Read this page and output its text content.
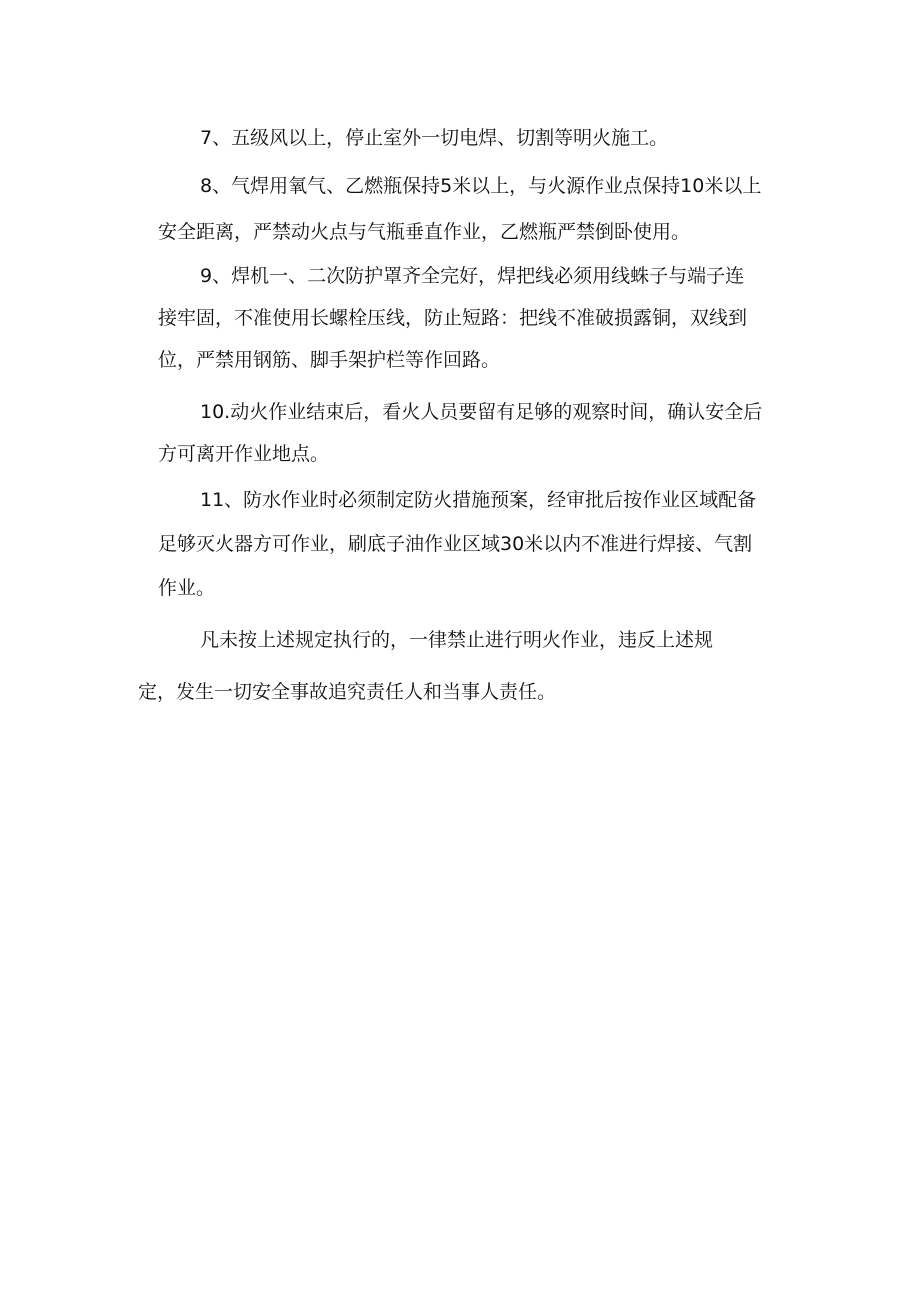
7、五级风以上，停止室外一切电焊、切割等明火施工。
8、气焊用氧气、乙燃瓶保持5米以上，与火源作业点保持10米以上
安全距离，严禁动火点与气瓶垂直作业，乙燃瓶严禁倒卧使用。
9、焊机一、二次防护罩齐全完好，焊把线必须用线蛛子与端子连
接牢固，不准使用长螺栓压线，防止短路：把线不准破损露铜，双线到
位，严禁用钢筋、脚手架护栏等作回路。
10.动火作业结束后，看火人员要留有足够的观察时间，确认安全后
方可离开作业地点。
11、防水作业时必须制定防火措施预案，经审批后按作业区域配备
足够灭火器方可作业，刷底子油作业区域30米以内不准进行焊接、气割
作业。
凡未按上述规定执行的，一律禁止进行明火作业，违反上述规
定，发生一切安全事故追究责任人和当事人责任。
